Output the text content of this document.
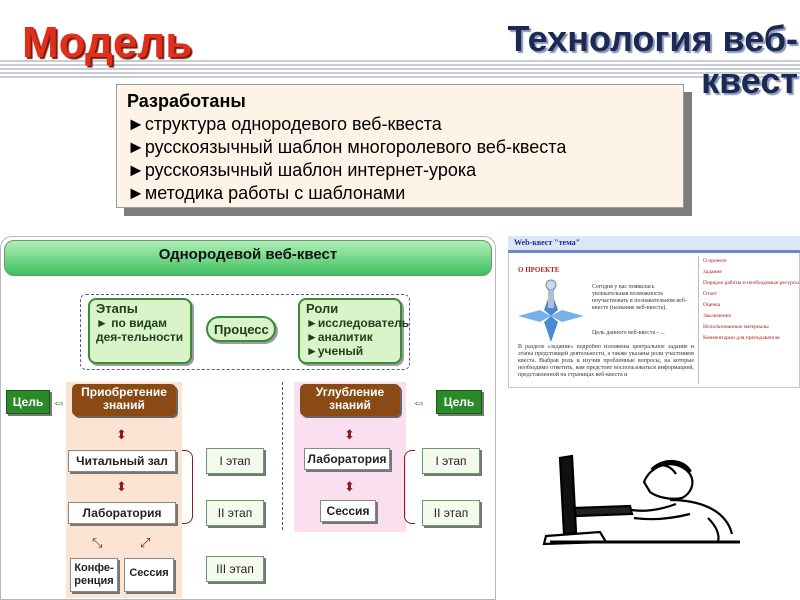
Модель	Технология веб-квест
Разработаны
►структура однородевого веб-квеста
►русскоязычный шаблон многоролевого веб-квеста
►русскоязычный шаблон интернет-урока
►методика работы с шаблонами
Однородевой веб-квест
Этапы
► по видам дея-тельности	Процесс
Роли
►исследователь
►аналитик
►ученый
Цель ⇔	Цель
⇔
Приобретение знаний
Углубление знаний
⬍
⬍
⬍
⬍
⤡	⤢
Читальный зал
Лаборатория
Конфе-ренция
Сессия
Лаборатория
Сессия
I этап
II этап
III этап
I этап
II этап
Web-квест "тема"
О ПРОЕКТЕ
Сегодня у вас появилась увлекательная возможность поучаствовать в познавательном веб-квесте (название веб-квеста).
Цель данного веб-квеста - ...
В разделе «задание» подробно изложены центральное задание и этапы предстоящей деятельности, а также указаны роли участников квеста. Выбрав роль и изучив проблемные вопросы, на которые необходимо ответить, вам предстоит воспользоваться информацией, представленной на страницах веб-квеста и
О проекте
Задание
Порядок работы и необходимые ресурсы
Отчет
Оценка
Заключение
Использованные материалы
Комментарии для преподавателя
